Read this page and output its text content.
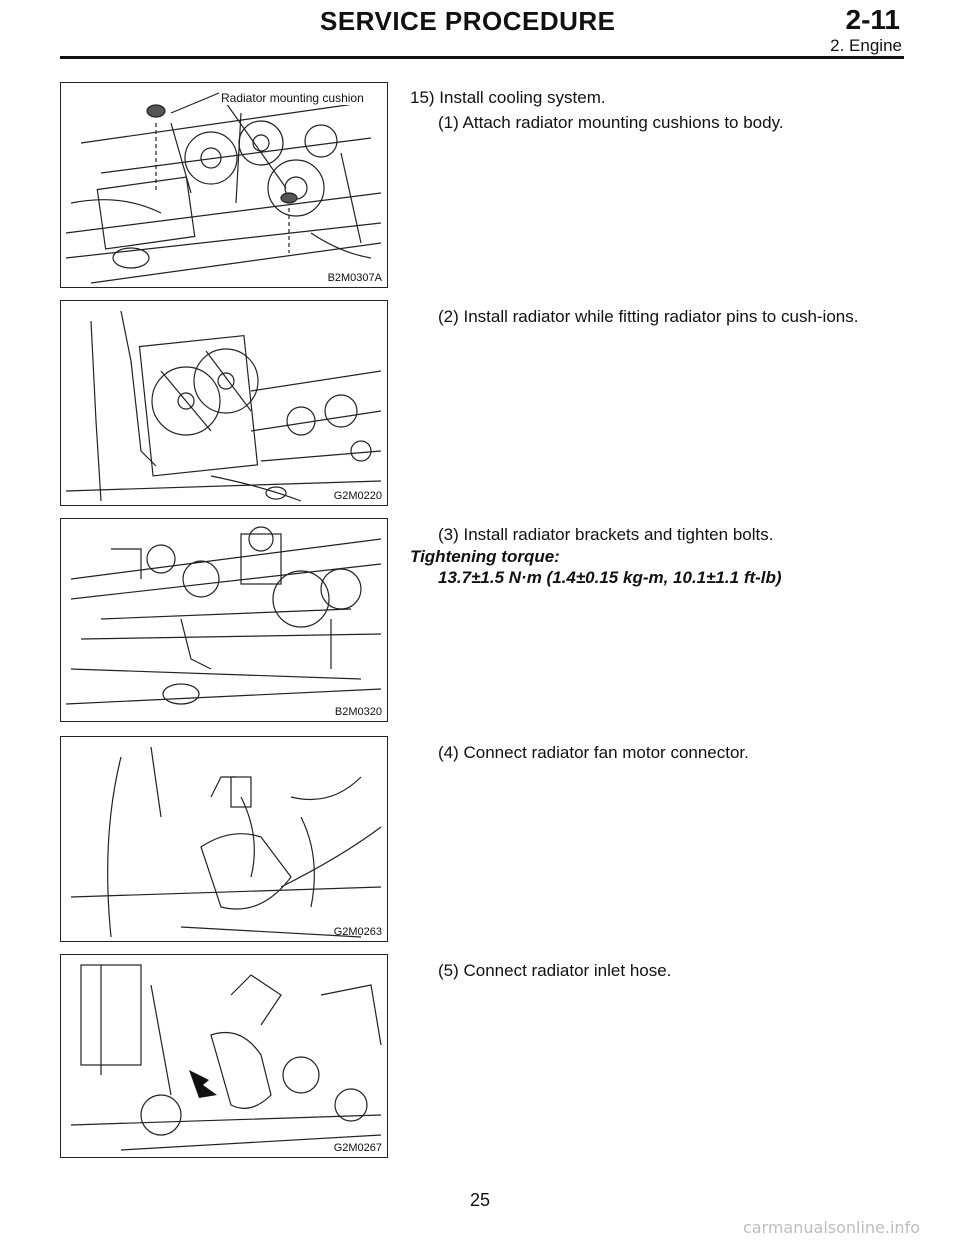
SERVICE PROCEDURE	2-11
2. Engine
Radiator mounting cushion
B2M0307A
G2M0220
B2M0320
G2M0263
G2M0267
15) Install cooling system.
(1) Attach radiator mounting cushions to body.
(2) Install radiator while fitting radiator pins to cush-ions.
(3) Install radiator brackets and tighten bolts.
Tightening torque:
13.7±1.5 N·m (1.4±0.15 kg-m, 10.1±1.1 ft-lb)
(4) Connect radiator fan motor connector.
(5) Connect radiator inlet hose.
25
carmanualsonline.info
